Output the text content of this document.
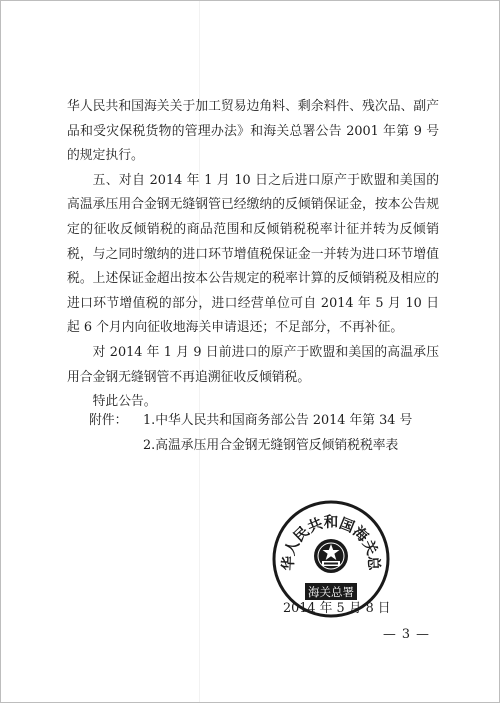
华人民共和国海关关于加工贸易边角料、剩余料件、残次品、副产品和受灾保税货物的管理办法》和海关总署公告 2001 年第 9 号的规定执行。

五、对自 2014 年 1 月 10 日之后进口原产于欧盟和美国的高温承压用合金钢无缝钢管已经缴纳的反倾销保证金，按本公告规定的征收反倾销税的商品范围和反倾销税税率计征并转为反倾销税，与之同时缴纳的进口环节增值税保证金一并转为进口环节增值税。上述保证金超出按本公告规定的税率计算的反倾销税及相应的进口环节增值税的部分，进口经营单位可自 2014 年 5 月 10 日起 6 个月内向征收地海关申请退还；不足部分，不再补征。

对 2014 年 1 月 9 日前进口的原产于欧盟和美国的高温承压用合金钢无缝钢管不再追溯征收反倾销税。

特此公告。

附件：	1.中华人民共和国商务部公告 2014 年第 34 号
2.高温承压用合金钢无缝钢管反倾销税税率表
华人民共和国海关总
海关总署
2014 年 5 月 8 日
— 3 —
